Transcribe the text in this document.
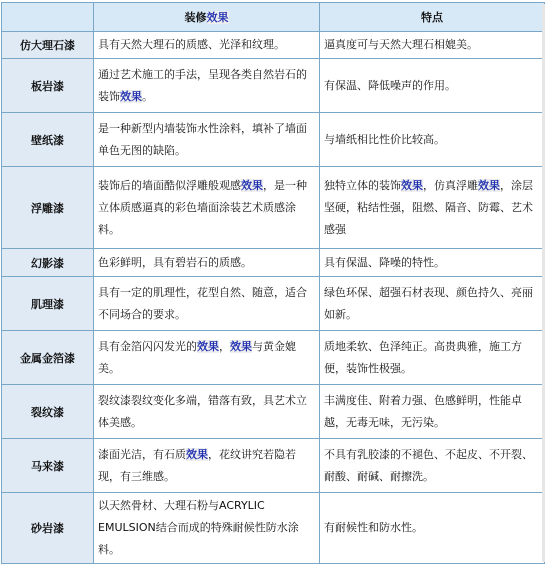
	装修效果	特点
仿大理石漆	具有天然大理石的质感、光泽和纹理。	逼真度可与天然大理石相媲美。
板岩漆	通过艺术施工的手法，呈现各类自然岩石的装饰效果。	有保温、降低噪声的作用。
壁纸漆	是一种新型内墙装饰水性涂料，填补了墙面单色无图的缺陷。	与墙纸相比性价比较高。
浮雕漆	装饰后的墙面酷似浮雕般观感效果，是一种立体质感逼真的彩色墙面涂装艺术质感涂料。	独特立体的装饰效果，仿真浮雕效果，涂层坚硬，粘结性强，阻燃、隔音、防霉、艺术感强
幻影漆	色彩鲜明，具有碧岩石的质感。	具有保温、降噪的特性。
肌理漆	具有一定的肌理性，花型自然、随意，适合不同场合的要求。	绿色环保、超强石材表现、颜色持久、亮丽如新。
金属金箔漆	具有金箔闪闪发光的效果，效果与黄金媲美。	质地柔软、色泽纯正。高贵典雅，施工方便，装饰性极强。
裂纹漆	裂纹漆裂纹变化多端，错落有致，具艺术立体美感。	丰满度佳、附着力强、色感鲜明，性能卓越，无毒无味，无污染。
马来漆	漆面光洁，有石质效果，花纹讲究若隐若现，有三维感。	不具有乳胶漆的不褪色、不起皮、不开裂、耐酸、耐碱、耐擦洗。
砂岩漆	以天然骨材、大理石粉与ACRYLIC EMULSION结合而成的特殊耐候性防水涂料。	有耐候性和防水性。
